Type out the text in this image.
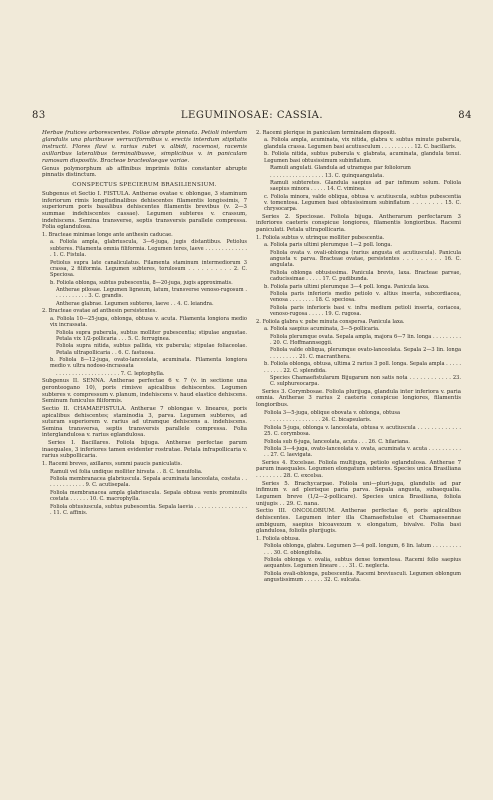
83	LEGUMINOSAE: CASSIA.	84

Herbae frutices arborescentes. Foliae abrupte pinnata. Petioli interdum glandulis una pluribusve verruciformibus v. erectis interdum stipitatis instructi. Flores flavi v. rarius rubri v. albidi, racemosi, racemis axillaribus lateralibus terminalibusve, simplicibus v. in paniculam ramosam dispositis. Bracteae bracteolaeque variae.

Genus polymorphum ab affinibus imprimis foliis constanter abrupte pinnatis distinctum.

CONSPECTUS SPECIERUM BRASILIENSIUM.

Subgenus et Sectio I. FISTULA. Antherae ovatae v. oblongae, 3 staminum inferiorum rimis longitudinalibus dehiscentes filamentis longissimis, 7 superiorum poris basalibus dehiscentes filamentis brevibus (v. 2—3 summae indehiscentes cassae). Legumen subteres v. crassum, indehiscens. Semina transverse, septis transversis parallele compressa. Folia eglandulosa.

1. Bracteae minimae longe ante anthesin caducae.

a. Foliola ampla, glabriuscula, 3—6-juga, jugis distantibus. Petiolus subteres. Filamenta omnia filiformia. Legumen teres, laeve . . . . . . . . . . . . . . 1. C. Fistula.

Petiolus supra late canaliculatus. Filamenta staminum intermediorum 3 crassa, 2 filiformia. Legumen subteres, torulosum . . . . . . . . . . 2. C. Speciosa.

b. Foliola oblonga, subtus pubescentia, 8—20-juga, jugis approximatis.

Antherae pilosae. Legumen ligneum, latum, transverse venoso-rugosum . . . . . . . . . . . 3. C. grandis.

Antherae glabrae. Legumen subteres, laeve . . 4. C. leiandra.

2. Bracteae ovatae ad anthesin persistentes.

a. Foliola 10—25-juga, oblonga, obtusa v. acuta. Filamenta longiora medio vix incrassata.

Foliola supra puberula, subtus molliter pubescentia; stipulae angustae. Petala vix 1/2-pollicaria . . . 5. C. ferruginea.

Foliola supra nitida, subtus pallida, vix puberula; stipulae foliaceolae. Petala ultrapollicaria . . 6. C. fastuosa.

b. Foliola 8—12-juga, ovato-lanceolata, acuminata. Filamenta longiora medio v. ultra nodoso-incrassata

. . . . . . . . . . . . . . . . . . . . 7. C. leptophylla.

Subgenus II. SENNA. Antherae perfectae 6 v. 7 (v. in sectione una geronteogano 10), poris rimisve apicalibus dehiscentes. Legumen subteres v. compressum v. planum, indehiscens v. haud elastice dehiscens. Seminum funiculus filiformis.

Sectio II. CHAMAEFISTULA. Antherae 7 oblongae v. lineares, poris apicalibus dehiscentes; staminodia 3, parva. Legumen subteres, ad suturam superiorem v. rarius ad utramque dehiscens a. indehiscens. Semina transversa, septis transversis parallele compressa. Folia interglandulosa v. rarius eglandulosa.

Series I. Bacillares. Foliola bijuga. Antherae perfectae parum inaequales, 3 inferiores tamen evidenter rostratae. Petala infrapollicaria v. rarius subpollicaria.

1. Racemi breves, axillares, summi paucis paniculatis.

Ramuli vel folia undique molliter hirsuta . . 8. C. tenuifolia.

Foliola membranacea glabriuscula. Sepala acuminata lanceolata, costata . . . . . . . . . . . . . 9. C. acutisepala.

Foliola membranacea ampla glabriuscula. Sepala obtusa venis prominulis costata . . . . . . 10. C. macrophylla.

Foliola obtusiuscula, subtus pubescentia. Sepala laevia . . . . . . . . . . . . . . . . . 11. C. affinis.

2. Racemi plerique in paniculam terminalem dispositi.

a. Foliola ampla, acuminata, vix nitida, glabra v. subtus minute puberula, glandula crassa. Legumen basi acutiusculum . . . . . . . . . . 12. C. bacillaris.

b. Foliola nitida, subtus puberula v. glabrata, acuminata, glandula tenui. Legumen basi obtusissimum subinflatum.

Ramuli angulati. Glandula ad utramque par foliolorum

. . . . . . . . . . . . . . . . . 13. C. quinquangulata.

Ramuli subteretes. Glandula saepius ad par infimum solum. Foliola saepius minora . . . . . 14. C. viminea.

c. Foliola minora, valde obliqua, obtusa v. acutiuscula, subtus pubescentia v. tomentosa. Legumen basi obtusissimum subinflatum . . . . . . . . 15. C. chrysocarpa.

Series 2. Speciosae. Foliola bijuga. Antherarum perfectarum 3 inferiores caeteris conspicue longiores, filamentis longioribus. Racemi paniculati. Petala ultrapollicaria.

1. Foliola subtus v. utrinque molliter pubescentia.

a. Foliola paris ultimi plerumque 1—2 poll. longa.

Foliola ovata v. ovali-oblonga (rarius angusta et acutiuscula). Panicula angusta v. parva. Bracteae ovatae, persistentes . . . . . . . . . 16. C. angulata.

Foliola oblonga obtusissima. Panicula brevis, laxa. Bracteae parvae, caducissimae . . . . . 17. C. pudibunda.

b. Foliola paris ultimi plerumque 3—4 poll. longa. Panicula laxa.

Foliola paris inferioris medio petiolo v. altius inserta, subcordiacea, venosa . . . . . . . . 18. C. speciosa.

Foliola paris inferioris basi v. infra medium petioli inserta, coriacea, venoso-rugosa . . . . . 19. C. rugosa.

2. Foliola glabra v. pube minuta conspersa. Panicula laxa.

a. Foliola saepius acuminata, 3—5-pollicaria.

Foliola plerumque ovata. Sepala ampla, majora 6—7 lin. longa . . . . . . . . . . 20. C. Hoffmannseggii.

Foliola valde obliqua, plerumque ovato-lanceolata. Sepala 2—3 lin. longa . . . . . . . . . 21. C. macranthera.

b. Foliola oblonga, obtusa, ultima 2 rarius 3 poll. longa. Sepala ampla . . . . . . . . . . . 22. C. splendida.

Species Chamaefistularum Bijugarum non satis nota . . . . . . . . . . . . 23. C. sulphureocarpa.

Series 3. Corymbosae. Foliola plurijuga, glandula inter inferiora v. paria omnia. Antherae 3 rarius 2 caeteris conspicue longiores, filamentis longioribus.

Foliola 3—5-juga, oblique obovata v. oblonga, obtusa

. . . . . . . . . . . . . . . . 24. C. bicapsularis.

Foliola 5-juga, oblonga v. lanceolata, obtusa v. acutiuscula . . . . . . . . . . . . . 25. C. corymbosa.

Foliola sub 6-juga, lanceolata, acuta . . . 26. C. hilariana.

Foliola 3—4-juga, ovato-lanceolata v. ovata, acuminata v. acuta . . . . . . . . . . . . 27. C. laevigata.

Series 4. Excelsae. Foliola multijuga, petiolo eglandulosa. Antherae 7 parum inaequales. Legumen elongatum subteres. Species unica Brasiliana . . . . . . . . 28. C. excelsa.

Series 5. Brachycarpae. Foliola uni—pluri-juga, glandulis ad par infimum v. ad plerisque paria parva. Sepala angusta, subaequalia. Legumen breve (1/2—2-pollicare). Species unica Brasiliana, foliola unijugis . . 29. C. nana.

Sectio III. ONCOLOBIUM. Antherae perfectae 6, poris apicalibus dehiscentes. Legumen inter illa Chamaefistulae et Chamaesennae ambiguum, saepius bicoavexum v. elongatum, bivalve. Folia basi glandulosa, foliolis plurijugis.

1. Foliola obtusa.

Foliola oblonga, glabra. Legumen 3—4 poll. longum, 6 lin. latum . . . . . . . . . . . . 30. C. oblongifolia.

Foliola oblonga v. ovalia, subtus dense tomentosa. Racemi folio saepius aequantes. Legumen lineare . . . 31. C. neglecta.

Foliola ovali-oblonga, pubescentia. Racemi breviusculi. Legumen oblongum angustissimum . . . . . . 32. C. sulcata.
